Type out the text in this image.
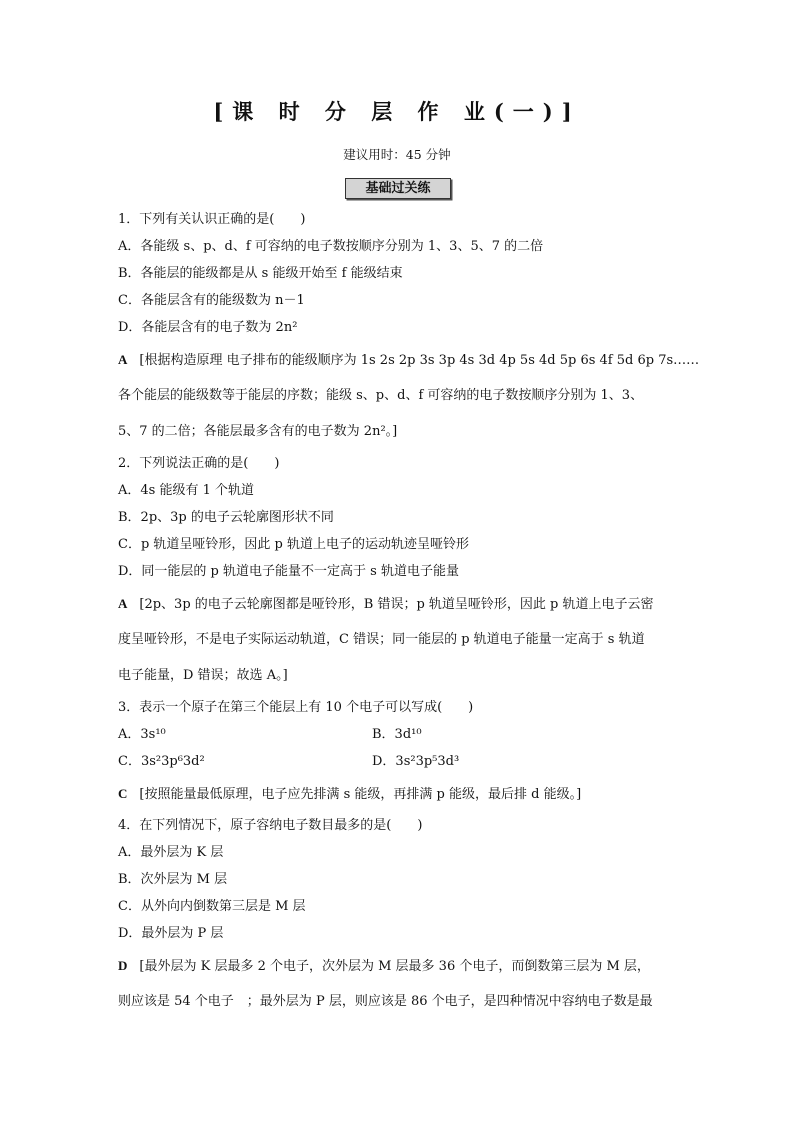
[课 时 分 层 作 业(一)]
建议用时：45 分钟
基础过关练
1．下列有关认识正确的是(　　)
A．各能级 s、p、d、f 可容纳的电子数按顺序分别为 1、3、5、7 的二倍
B．各能层的能级都是从 s 能级开始至 f 能级结束
C．各能层含有的能级数为 n－1
D．各能层含有的电子数为 2n²
A [根据构造原理 电子排布的能级顺序为 1s 2s 2p 3s 3p 4s 3d 4p 5s 4d 5p 6s 4f 5d 6p 7s……
各个能层的能级数等于能层的序数；能级 s、p、d、f 可容纳的电子数按顺序分别为 1、3、
5、7 的二倍；各能层最多含有的电子数为 2n²。]
2．下列说法正确的是(　　)
A．4s 能级有 1 个轨道
B．2p、3p 的电子云轮廓图形状不同
C．p 轨道呈哑铃形，因此 p 轨道上电子的运动轨迹呈哑铃形
D．同一能层的 p 轨道电子能量不一定高于 s 轨道电子能量
A [2p、3p 的电子云轮廓图都是哑铃形，B 错误；p 轨道呈哑铃形，因此 p 轨道上电子云密
度呈哑铃形，不是电子实际运动轨道，C 错误；同一能层的 p 轨道电子能量一定高于 s 轨道
电子能量，D 错误；故选 A。]
3．表示一个原子在第三个能层上有 10 个电子可以写成(　　)
A．3s¹⁰	B．3d¹⁰
C．3s²3p⁶3d²	D．3s²3p⁵3d³
C [按照能量最低原理，电子应先排满 s 能级，再排满 p 能级，最后排 d 能级。]
4．在下列情况下，原子容纳电子数目最多的是(　　)
A．最外层为 K 层
B．次外层为 M 层
C．从外向内倒数第三层是 M 层
D．最外层为 P 层
D [最外层为 K 层最多 2 个电子，次外层为 M 层最多 36 个电子，而倒数第三层为 M 层，
则应该是 54 个电子　；最外层为 P 层，则应该是 86 个电子，是四种情况中容纳电子数是最
